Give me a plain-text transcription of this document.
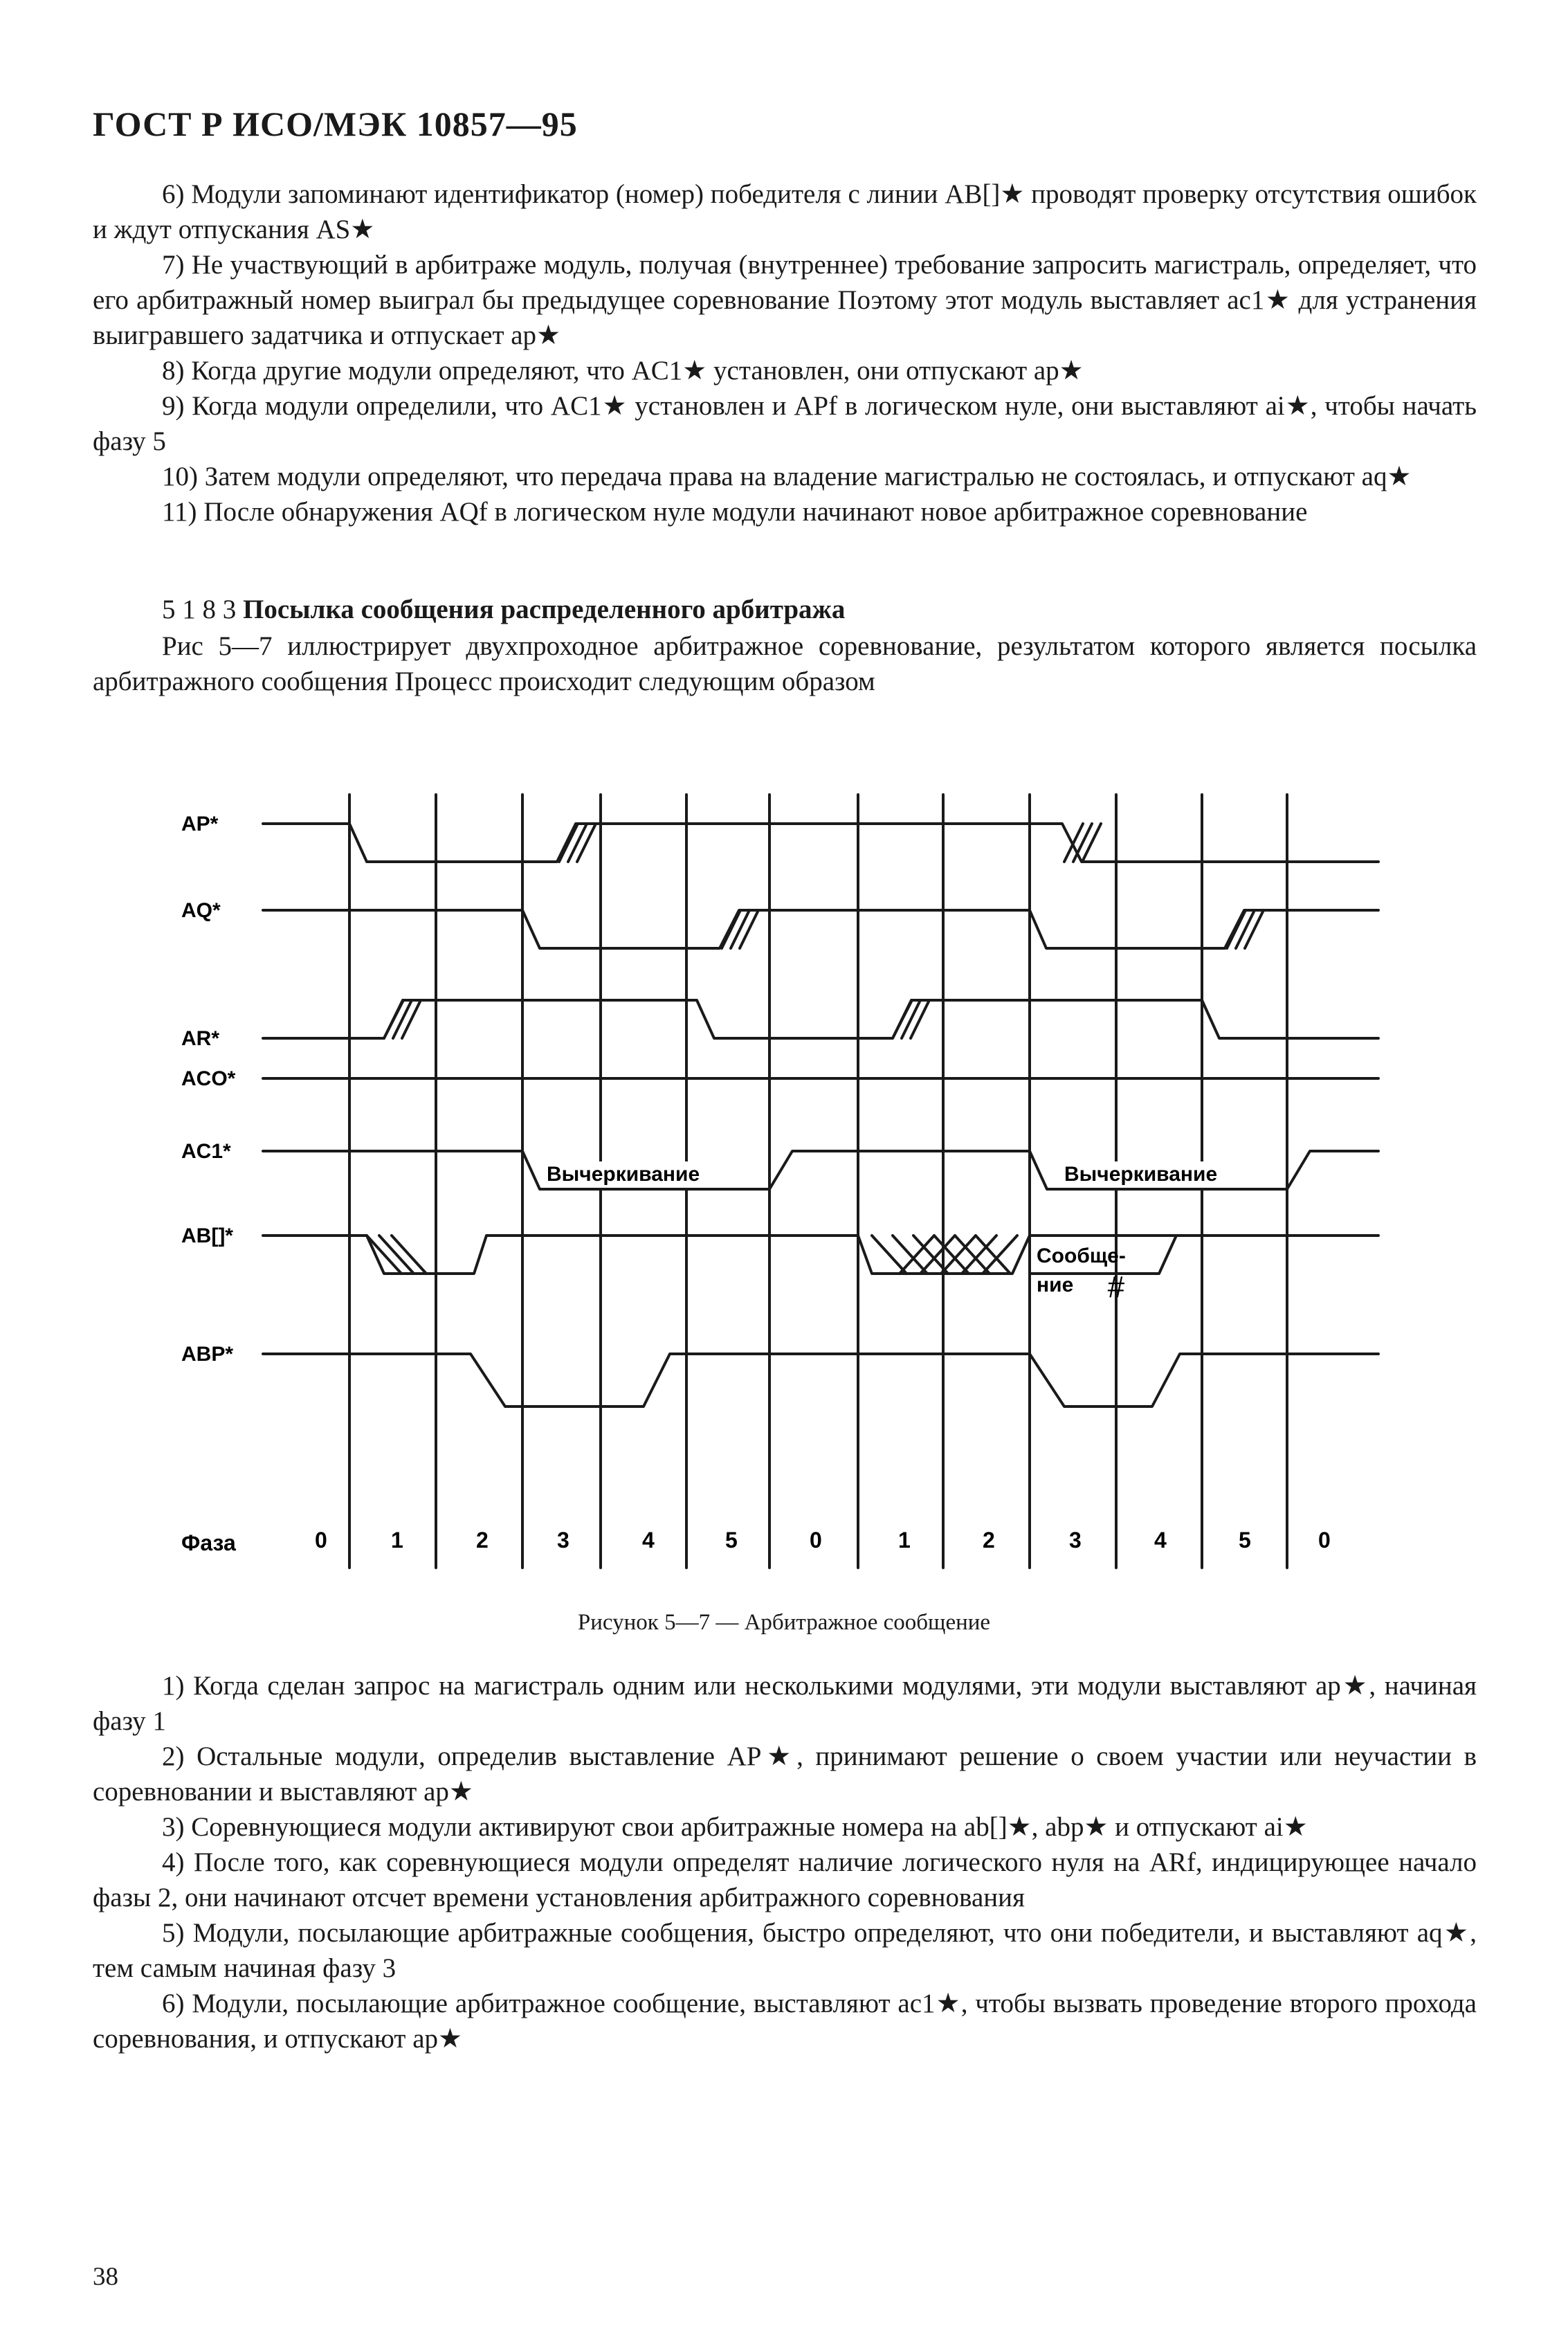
ГОСТ Р ИСО/МЭК 10857—95

6) Модули запоминают идентификатор (номер) победителя с линии AB[]★ проводят проверку отсутствия ошибок и ждут отпускания AS★

7) Не участвующий в арбитраже модуль, получая (внутреннее) требование запросить магистраль, определяет, что его арбитражный номер выиграл бы предыдущее соревнование Поэтому этот модуль выставляет ac1★ для устранения выигравшего задатчика и отпускает ap★

8) Когда другие модули определяют, что AC1★ установлен, они отпускают ap★

9) Когда модули определили, что AC1★ установлен и APf в логическом нуле, они выставляют ai★, чтобы начать фазу 5

10) Затем модули определяют, что передача права на владение магистралью не состоялась, и отпускают aq★

11) После обнаружения AQf в логическом нуле модули начинают новое арбитражное соревнование

5 1 8 3 Посылка сообщения распределенного арбитража

Рис 5—7 иллюстрирует двухпроходное арбитражное соревнование, результатом которого является посылка арбитражного сообщения Процесс происходит следующим образом

AP*
AQ*
AR*
ACO*
AC1*
AB[]*
ABP*
Вычеркивание	Вычеркивание
Сообще-
ние #
Фаза	0	1	2	3	4	5	0	1	2	3	4	5	0
Рисунок 5—7 — Арбитражное сообщение

1) Когда сделан запрос на магистраль одним или несколькими модулями, эти модули выставляют ap★, начиная фазу 1

2) Остальные модули, определив выставление AP★, принимают решение о своем участии или неучастии в соревновании и выставляют ap★

3) Соревнующиеся модули активируют свои арбитражные номера на ab[]★, abp★ и отпускают ai★

4) После того, как соревнующиеся модули определят наличие логического нуля на ARf, индицирующее начало фазы 2, они начинают отсчет времени установления арбитражного соревнования

5) Модули, посылающие арбитражные сообщения, быстро определяют, что они победители, и выставляют aq★, тем самым начиная фазу 3

6) Модули, посылающие арбитражное сообщение, выставляют ac1★, чтобы вызвать проведение второго прохода соревнования, и отпускают ap★

38
